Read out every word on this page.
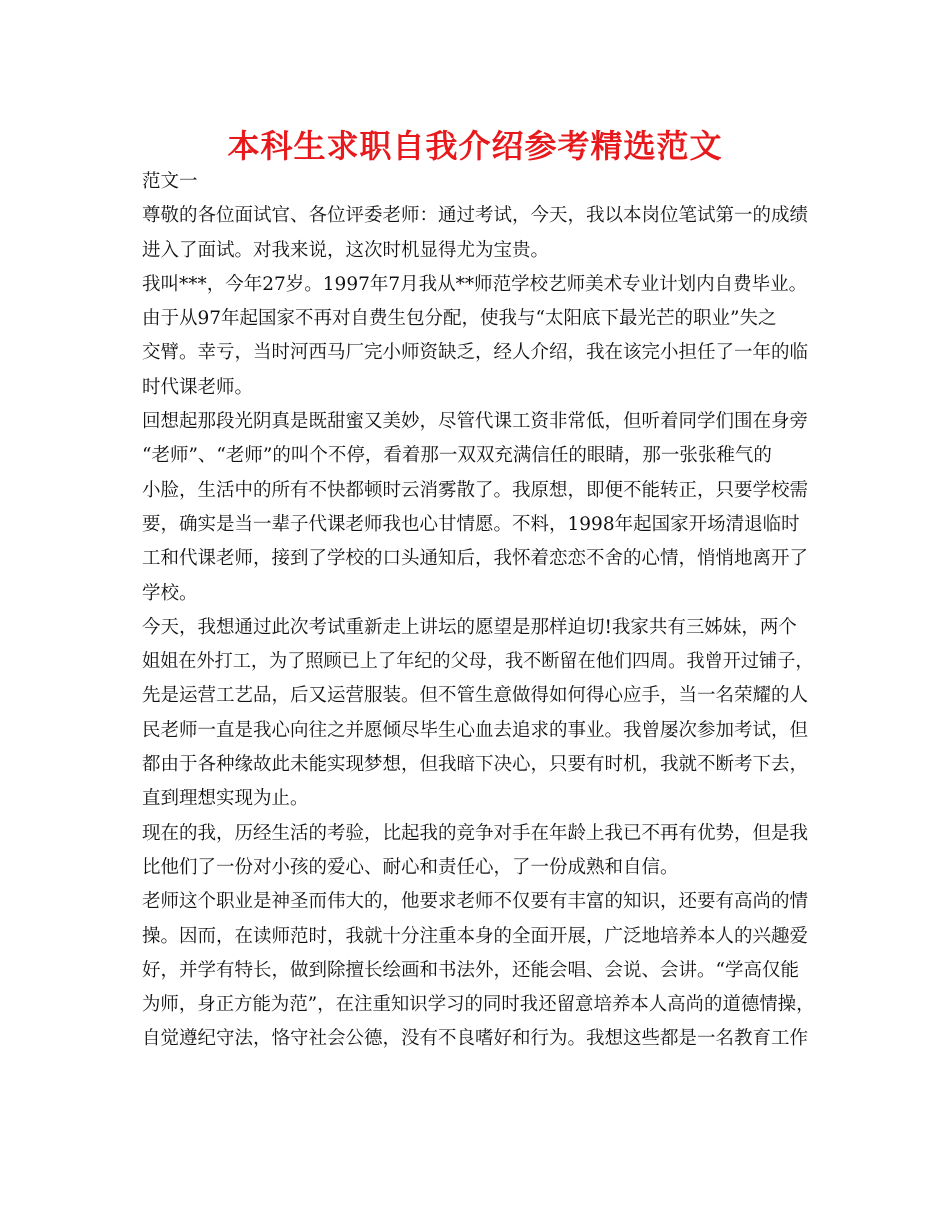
本科生求职自我介绍参考精选范文
范文一
尊敬的各位面试官、各位评委老师：通过考试，今天，我以本岗位笔试第一的成绩
进入了面试。对我来说，这次时机显得尤为宝贵。
我叫***，今年27岁。1997年7月我从**师范学校艺师美术专业计划内自费毕业。
由于从97年起国家不再对自费生包分配，使我与“太阳底下最光芒的职业”失之
交臂。幸亏，当时河西马厂完小师资缺乏，经人介绍，我在该完小担任了一年的临
时代课老师。
回想起那段光阴真是既甜蜜又美妙，尽管代课工资非常低，但听着同学们围在身旁
“老师”、“老师”的叫个不停，看着那一双双充满信任的眼睛，那一张张稚气的
小脸，生活中的所有不快都顿时云消雾散了。我原想，即便不能转正，只要学校需
要，确实是当一辈子代课老师我也心甘情愿。不料，1998年起国家开场清退临时
工和代课老师，接到了学校的口头通知后，我怀着恋恋不舍的心情，悄悄地离开了
学校。
今天，我想通过此次考试重新走上讲坛的愿望是那样迫切!我家共有三姊妹，两个
姐姐在外打工，为了照顾已上了年纪的父母，我不断留在他们四周。我曾开过铺子，
先是运营工艺品，后又运营服装。但不管生意做得如何得心应手，当一名荣耀的人
民老师一直是我心向往之并愿倾尽毕生心血去追求的事业。我曾屡次参加考试，但
都由于各种缘故此未能实现梦想，但我暗下决心，只要有时机，我就不断考下去，
直到理想实现为止。
现在的我，历经生活的考验，比起我的竞争对手在年龄上我已不再有优势，但是我
比他们了一份对小孩的爱心、耐心和责任心，了一份成熟和自信。
老师这个职业是神圣而伟大的，他要求老师不仅要有丰富的知识，还要有高尚的情
操。因而，在读师范时，我就十分注重本身的全面开展，广泛地培养本人的兴趣爱
好，并学有特长，做到除擅长绘画和书法外，还能会唱、会说、会讲。“学高仅能
为师，身正方能为范”，在注重知识学习的同时我还留意培养本人高尚的道德情操，
自觉遵纪守法，恪守社会公德，没有不良嗜好和行为。我想这些都是一名教育工作
